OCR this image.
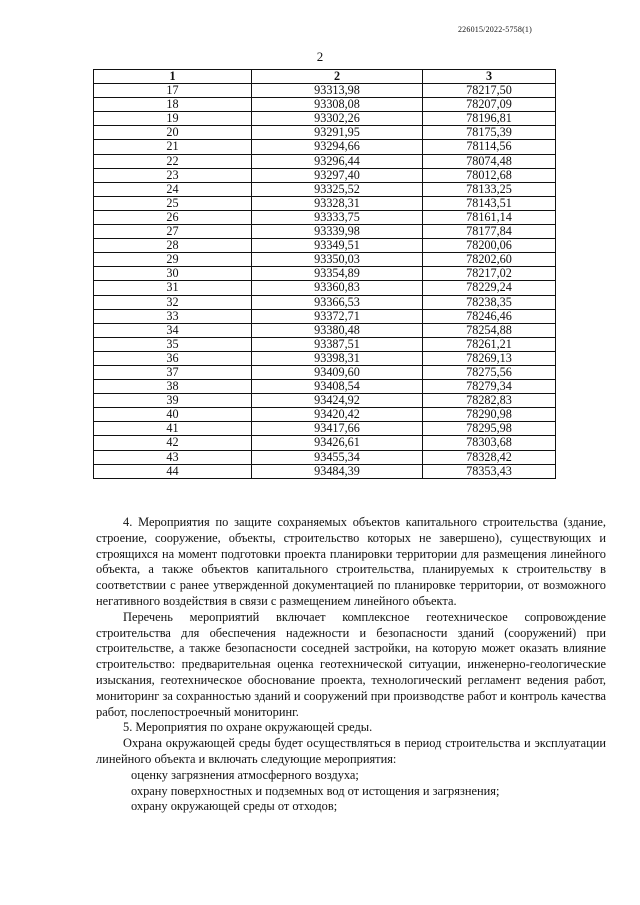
226015/2022-5758(1)
2
1	2	3
17	93313,98	78217,50
18	93308,08	78207,09
19	93302,26	78196,81
20	93291,95	78175,39
21	93294,66	78114,56
22	93296,44	78074,48
23	93297,40	78012,68
24	93325,52	78133,25
25	93328,31	78143,51
26	93333,75	78161,14
27	93339,98	78177,84
28	93349,51	78200,06
29	93350,03	78202,60
30	93354,89	78217,02
31	93360,83	78229,24
32	93366,53	78238,35
33	93372,71	78246,46
34	93380,48	78254,88
35	93387,51	78261,21
36	93398,31	78269,13
37	93409,60	78275,56
38	93408,54	78279,34
39	93424,92	78282,83
40	93420,42	78290,98
41	93417,66	78295,98
42	93426,61	78303,68
43	93455,34	78328,42
44	93484,39	78353,43

4. Мероприятия по защите сохраняемых объектов капитального строительства (здание, строение, сооружение, объекты, строительство которых не завершено), существующих и строящихся на момент подготовки проекта планировки территории для размещения линейного объекта, а также объектов капитального строительства, планируемых к строительству в соответствии с ранее утвержденной документацией по планировке территории, от возможного негативного воздействия в связи с размещением линейного объекта.

Перечень мероприятий включает комплексное геотехническое сопровождение строительства для обеспечения надежности и безопасности зданий (сооружений) при строительстве, а также безопасности соседней застройки, на которую может оказать влияние строительство: предварительная оценка геотехнической ситуации, инженерно-геологические изыскания, геотехническое обоснование проекта, технологический регламент ведения работ, мониторинг за сохранностью зданий и сооружений при производстве работ и контроль качества работ, послепостроечный мониторинг.

5. Мероприятия по охране окружающей среды.

Охрана окружающей среды будет осуществляться в период строительства и эксплуатации линейного объекта и включать следующие мероприятия:

оценку загрязнения атмосферного воздуха;

охрану поверхностных и подземных вод от истощения и загрязнения;

охрану окружающей среды от отходов;
